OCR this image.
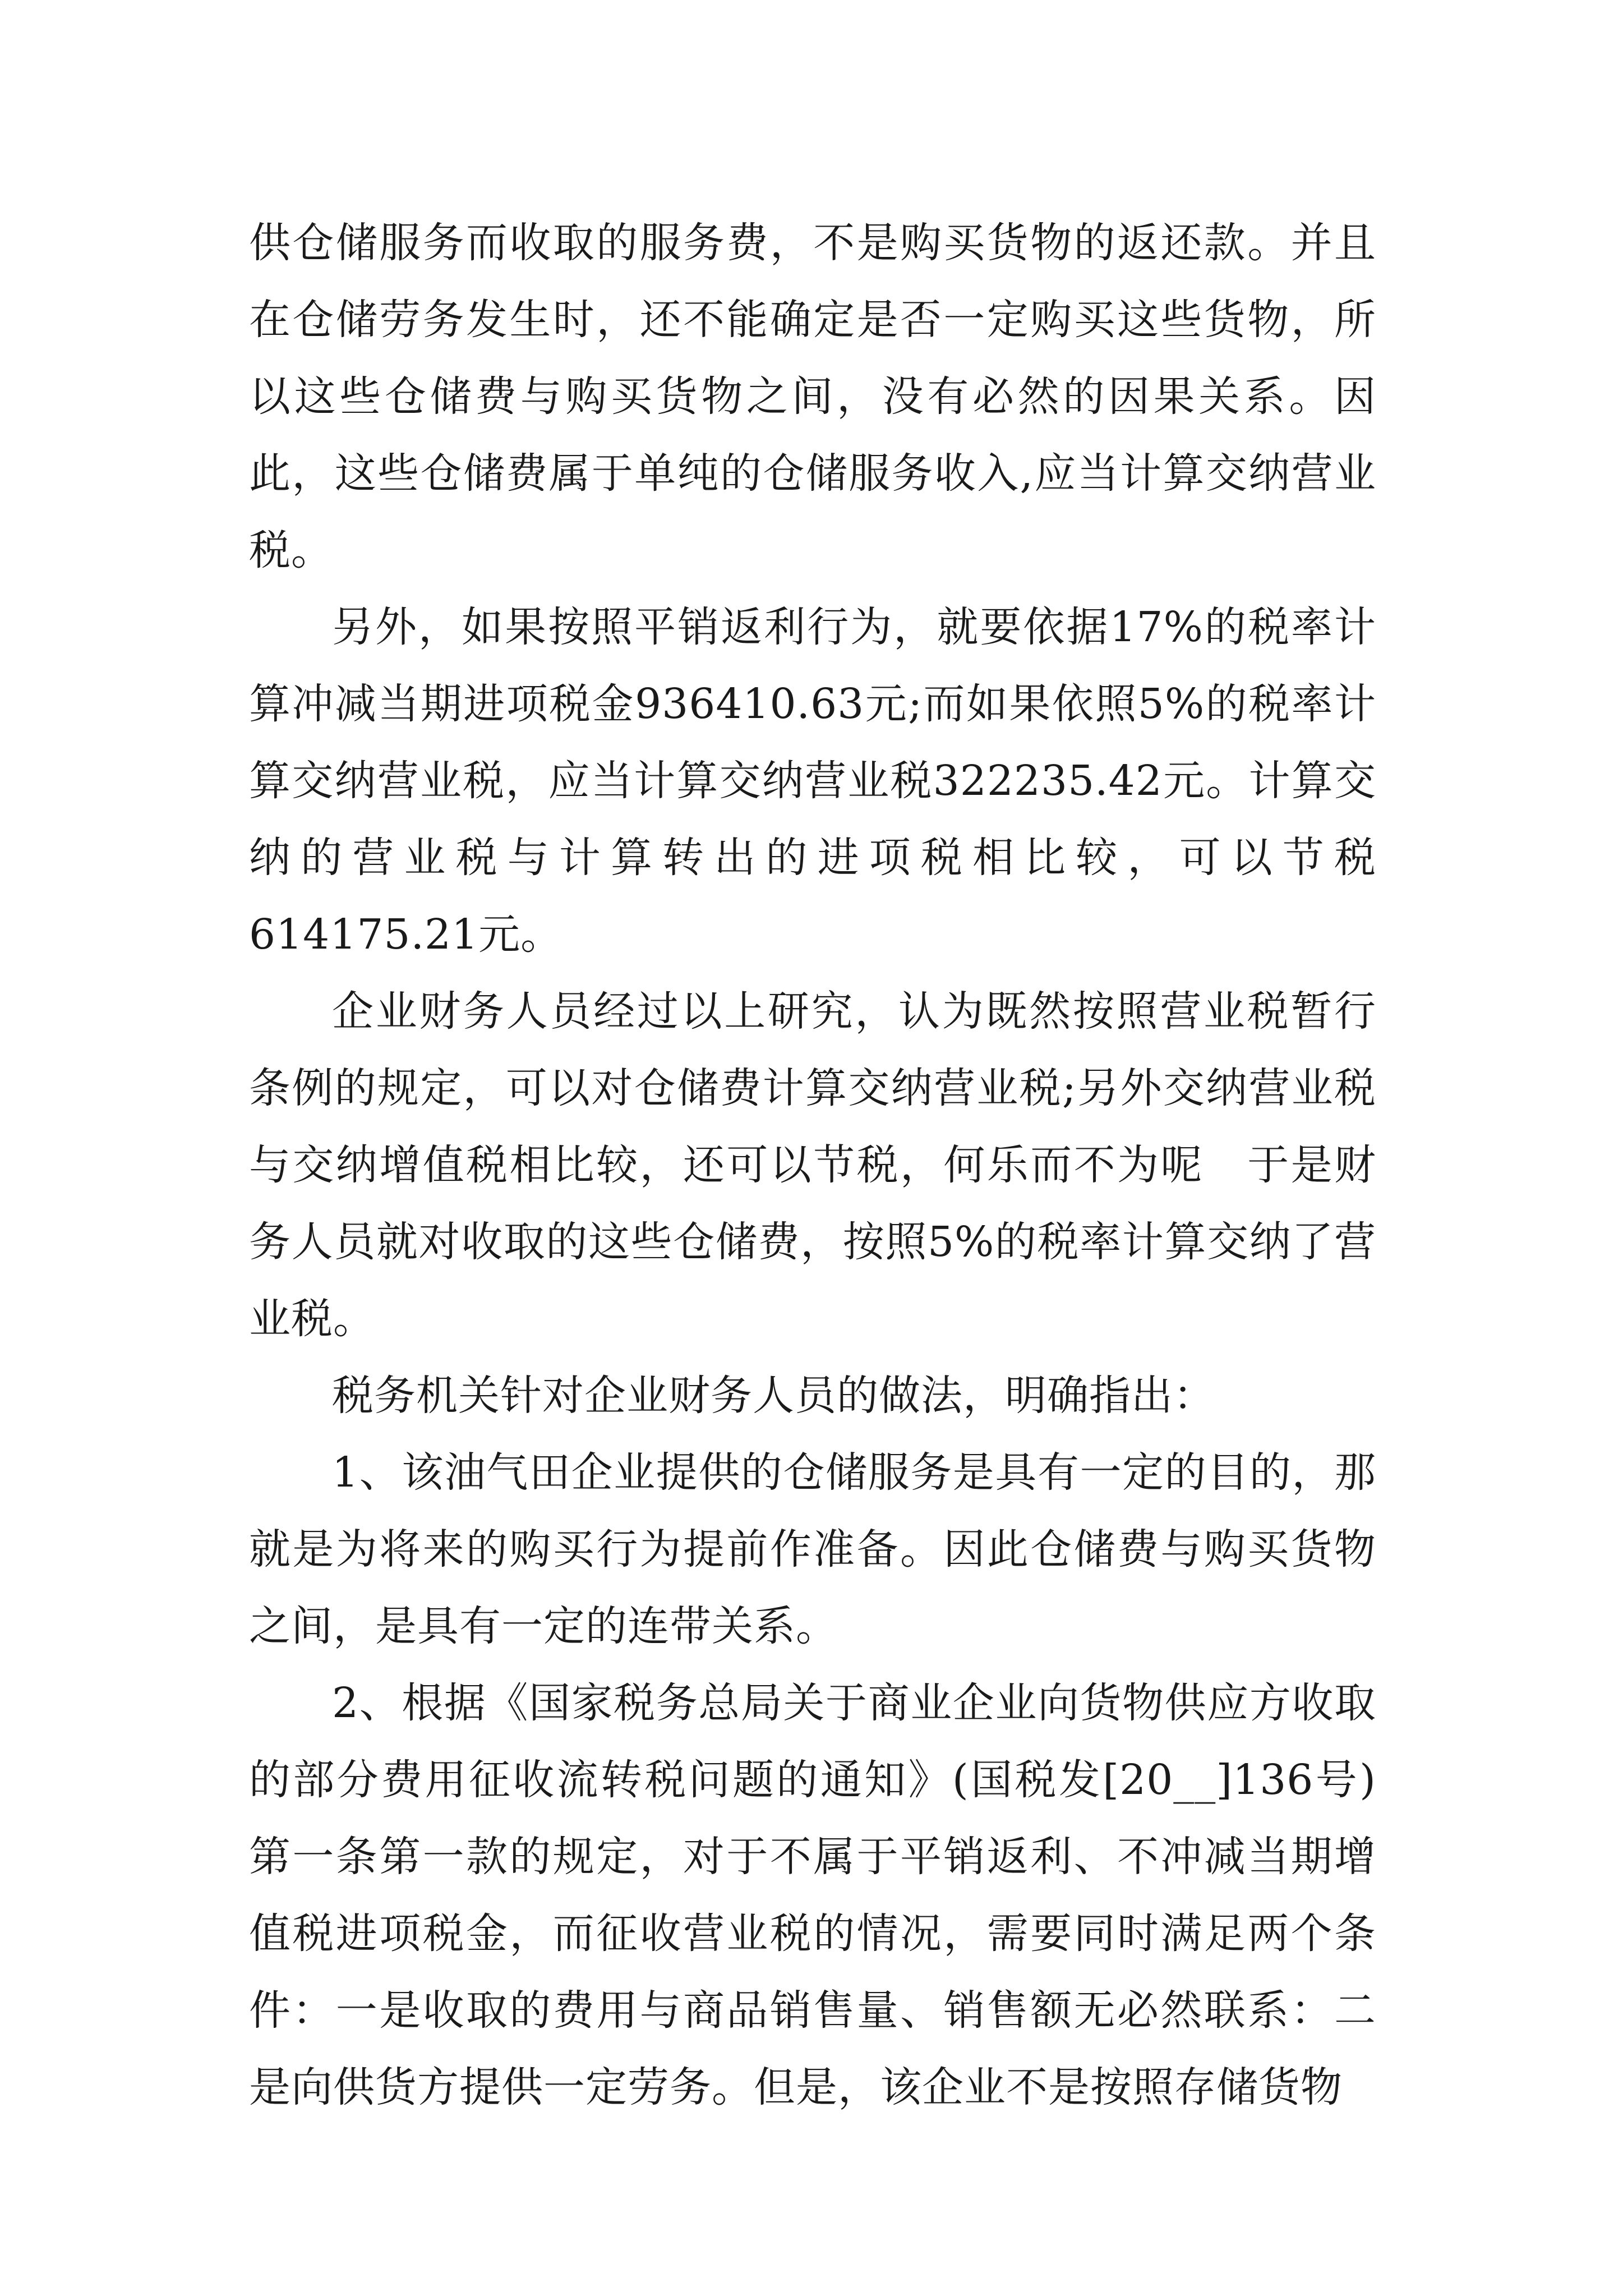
供仓储服务而收取的服务费，不是购买货物的返还款。并且在仓储劳务发生时，还不能确定是否一定购买这些货物，所以这些仓储费与购买货物之间，没有必然的因果关系。因此，这些仓储费属于单纯的仓储服务收入,应当计算交纳营业税。

另外，如果按照平销返利行为，就要依据17%的税率计算冲减当期进项税金936410.63元;而如果依照5%的税率计算交纳营业税，应当计算交纳营业税322235.42元。计算交纳的营业税与计算转出的进项税相比较，可以节税614175.21元。

企业财务人员经过以上研究，认为既然按照营业税暂行条例的规定，可以对仓储费计算交纳营业税;另外交纳营业税与交纳增值税相比较，还可以节税，何乐而不为呢　于是财务人员就对收取的这些仓储费，按照5%的税率计算交纳了营业税。

税务机关针对企业财务人员的做法，明确指出：

1、该油气田企业提供的仓储服务是具有一定的目的，那就是为将来的购买行为提前作准备。因此仓储费与购买货物之间，是具有一定的连带关系。

2、根据《国家税务总局关于商业企业向货物供应方收取的部分费用征收流转税问题的通知》(国税发[20__]136号)第一条第一款的规定，对于不属于平销返利、不冲减当期增值税进项税金，而征收营业税的情况，需要同时满足两个条件：一是收取的费用与商品销售量、销售额无必然联系：二是向供货方提供一定劳务。但是，该企业不是按照存储货物
